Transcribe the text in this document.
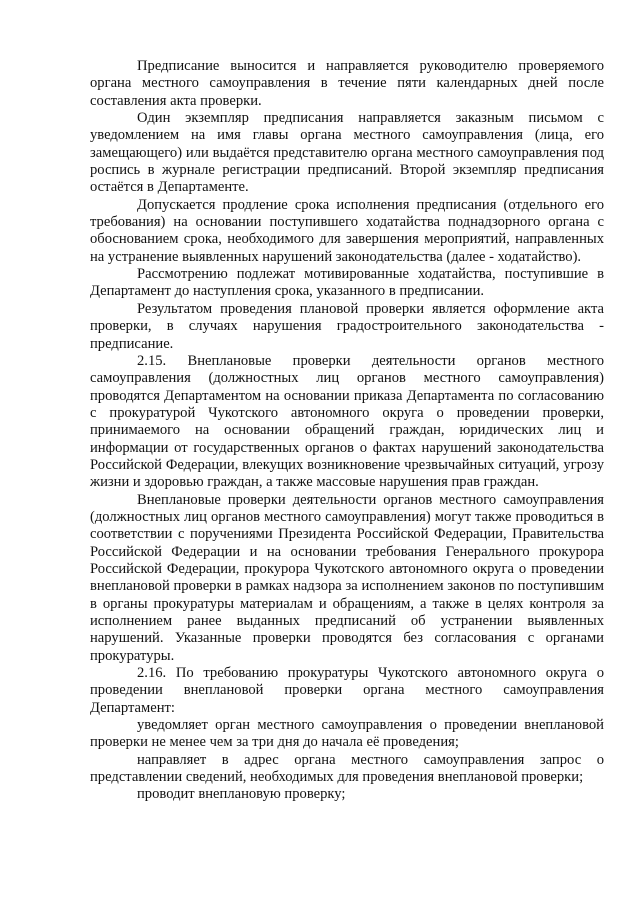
Предписание выносится и направляется руководителю проверяемого органа местного самоуправления в течение пяти календарных дней после составления акта проверки.

Один экземпляр предписания направляется заказным письмом с уведомлением на имя главы органа местного самоуправления (лица, его замещающего) или выдаётся представителю органа местного самоуправления под роспись в журнале регистрации предписаний. Второй экземпляр предписания остаётся в Департаменте.

Допускается продление срока исполнения предписания (отдельного его требования) на основании поступившего ходатайства поднадзорного органа с обоснованием срока, необходимого для завершения мероприятий, направленных на устранение выявленных нарушений законодательства (далее - ходатайство).

Рассмотрению подлежат мотивированные ходатайства, поступившие в Департамент до наступления срока, указанного в предписании.

Результатом проведения плановой проверки является оформление акта проверки, в случаях нарушения градостроительного законодательства - предписание.

2.15. Внеплановые проверки деятельности органов местного самоуправления (должностных лиц органов местного самоуправления) проводятся Департаментом на основании приказа Департамента по согласованию с прокуратурой Чукотского автономного округа о проведении проверки, принимаемого на основании обращений граждан, юридических лиц и информации от государственных органов о фактах нарушений законодательства Российской Федерации, влекущих возникновение чрезвычайных ситуаций, угрозу жизни и здоровью граждан, а также массовые нарушения прав граждан.

Внеплановые проверки деятельности органов местного самоуправления (должностных лиц органов местного самоуправления) могут также проводиться в соответствии с поручениями Президента Российской Федерации, Правительства Российской Федерации и на основании требования Генерального прокурора Российской Федерации, прокурора Чукотского автономного округа о проведении внеплановой проверки в рамках надзора за исполнением законов по поступившим в органы прокуратуры материалам и обращениям, а также в целях контроля за исполнением ранее выданных предписаний об устранении выявленных нарушений. Указанные проверки проводятся без согласования с органами прокуратуры.

2.16. По требованию прокуратуры Чукотского автономного округа о проведении внеплановой проверки органа местного самоуправления Департамент:

уведомляет орган местного самоуправления о проведении внеплановой проверки не менее чем за три дня до начала её проведения;

направляет в адрес органа местного самоуправления запрос о представлении сведений, необходимых для проведения внеплановой проверки;

проводит внеплановую проверку;
